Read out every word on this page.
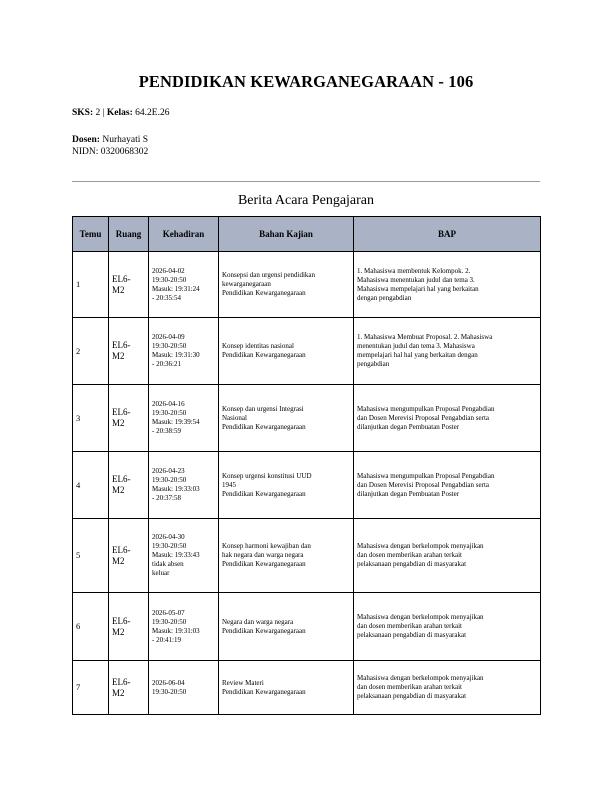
PENDIDIKAN KEWARGANEGARAAN - 106
SKS: 2 | Kelas: 64.2E.26
Dosen: Nurhayati S
NIDN: 0320068302
Berita Acara Pengajaran
Temu	Ruang	Kehadiran	Bahan Kajian	BAP
1	EL6-
M2	2026-04-02
19:30-20:50
Masuk: 19:31:24
- 20:35:54	Konsepsi dan urgensi pendidikan
kewarganegaraan
Pendidikan Kewarganegaraan	1. Mahasiswa membentuk Kelompok. 2.
Mahasiswa menentukan judul dan tema 3.
Mahasiswa mempelajari hal yang berkaitan
dengan pengabdian
2	EL6-
M2	2026-04-09
19:30-20:50
Masuk: 19:31:30
- 20:36:21	Konsep identitas nasional
Pendidikan Kewarganegaraan	1. Mahasiswa Membuat Proposal. 2. Mahasiswa
menentukan judul dan tema 3. Mahasiswa
mempelajari hal hal yang berkaitan dengan
pengabdian
3	EL6-
M2	2026-04-16
19:30-20:50
Masuk: 19:39:54
- 20:38:59	Konsep dan urgensi Integrasi
Nasional
Pendidikan Kewarganegaraan	Mahasiswa mengumpulkan Proposal Pengabdian
dan Dosen Merevisi Proposal Pengabdian serta
dilanjutkan degan Pembuatan Poster
4	EL6-
M2	2026-04-23
19:30-20:50
Masuk: 19:33:03
- 20:37:58	Konsep urgensi konstitusi UUD
1945
Pendidikan Kewarganegaraan	Mahasiswa mengumpulkan Proposal Pengabdian
dan Dosen Merevisi Proposal Pengabdian serta
dilanjutkan degan Pembuatan Poster
5	EL6-
M2	2026-04-30
19:30-20:50
Masuk: 19:33:43
tidak absen
keluar	Konsep harmoni kewajiban dan
hak negara dan warga negara
Pendidikan Kewarganegaraan	Mahasiswa dengan berkelompok menyajikan
dan dosen memberikan arahan terkait
pelaksanaan pengabdian di masyarakat
6	EL6-
M2	2026-05-07
19:30-20:50
Masuk: 19:31:03
- 20:41:19	Negara dan warga negara
Pendidikan Kewarganegaraan	Mahasiswa dengan berkelompok menyajikan
dan dosen memberikan arahan terkait
pelaksanaan pengabdian di masyarakat
7	EL6-
M2	2026-06-04
19:30-20:50	Review Materi
Pendidikan Kewarganegaraan	Mahasiswa dengan berkelompok menyajikan
dan dosen memberikan arahan terkait
pelaksanaan pengabdian di masyarakat
